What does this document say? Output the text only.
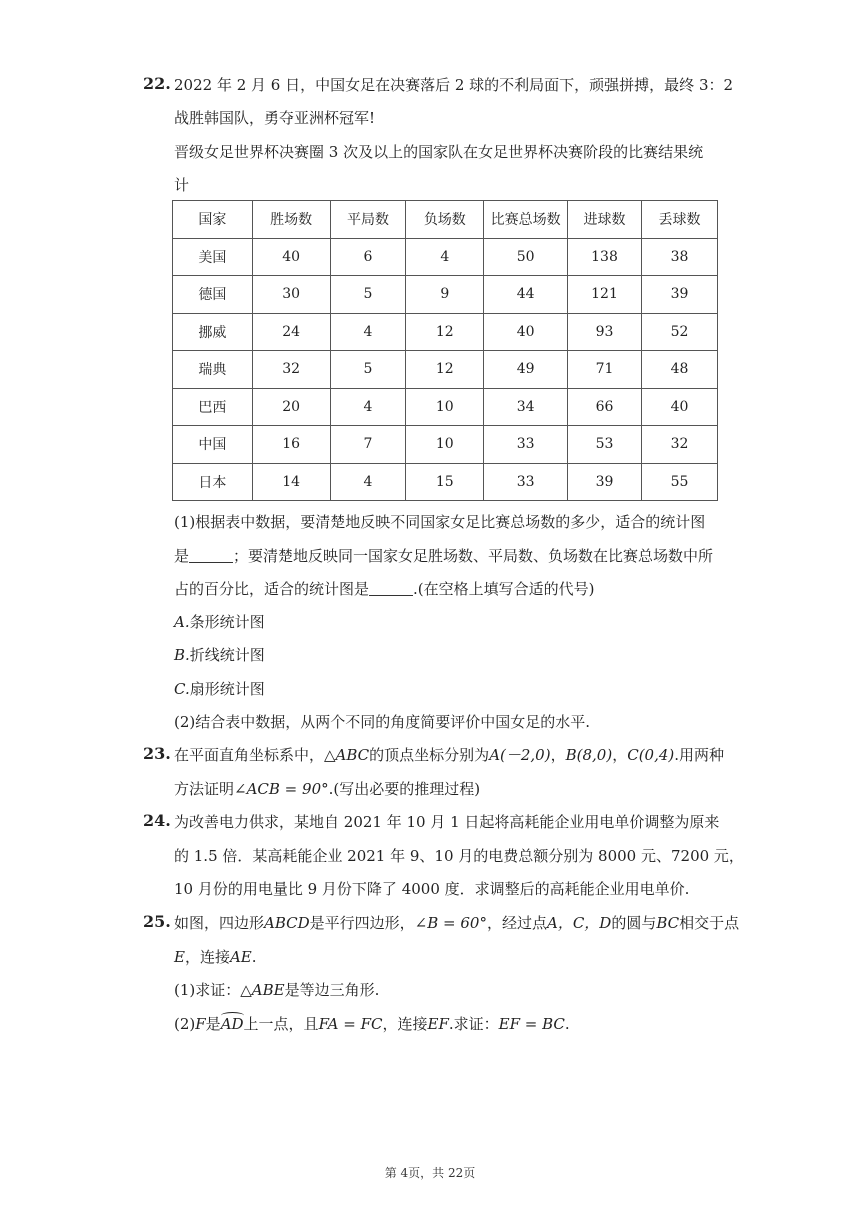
22. 2022 年 2 月 6 日，中国女足在决赛落后 2 球的不利局面下，顽强拼搏，最终 3：2
战胜韩国队，勇夺亚洲杯冠军!
晋级女足世界杯决赛圈 3 次及以上的国家队在女足世界杯决赛阶段的比赛结果统
计
国家	胜场数	平局数	负场数	比赛总场数	进球数	丢球数
美国	40	6	4	50	138	38
德国	30	5	9	44	121	39
挪威	24	4	12	40	93	52
瑞典	32	5	12	49	71	48
巴西	20	4	10	34	66	40
中国	16	7	10	33	53	32
日本	14	4	15	33	39	55
(1)根据表中数据，要清楚地反映不同国家女足比赛总场数的多少，适合的统计图
是	；要清楚地反映同一国家女足胜场数、平局数、负场数在比赛总场数中所
占的百分比，适合的统计图是	.(在空格上填写合适的代号)
A.条形统计图
B.折线统计图
C.扇形统计图
(2)结合表中数据，从两个不同的角度简要评价中国女足的水平.
23. 在平面直角坐标系中，△ABC的顶点坐标分别为A(－2,0)，B(8,0)，C(0,4).用两种
方法证明∠ACB = 90°.(写出必要的推理过程)
24. 为改善电力供求，某地自 2021 年 10 月 1 日起将高耗能企业用电单价调整为原来
的 1.5 倍．某高耗能企业 2021 年 9、10 月的电费总额分别为 8000 元、7200 元，
10 月份的用电量比 9 月份下降了 4000 度．求调整后的高耗能企业用电单价.
25. 如图，四边形ABCD是平行四边形，∠B = 60°，经过点A，C，D的圆与BC相交于点
E，连接AE.
(1)求证：△ABE是等边三角形.
(2)F是AD上一点，且FA = FC，连接EF.求证：EF = BC.
第 4页，共 22页
